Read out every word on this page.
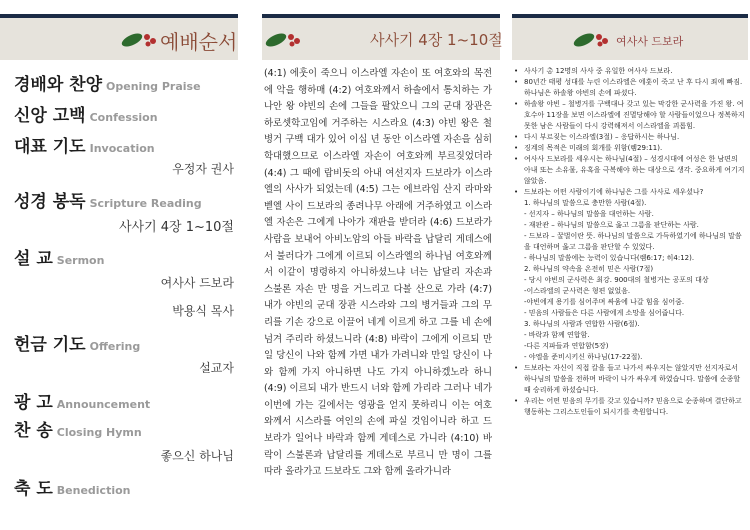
예배순서
경배와 찬양 Opening Praise
신앙 고백 Confession
대표 기도 Invocation
우정자 권사
성경 봉독 Scripture Reading
사사기 4장 1~10절
설 교 Sermon
여사사 드보라
박용식 목사
헌금 기도 Offering
설교자
광 고 Announcement
찬 송 Closing Hymn
좋으신 하나님
축 도 Benediction
사사기 4장 1~10절

(4:1) 에훗이 죽으니 이스라엘 자손이 또 여호와의 목전에 악을 행하매 (4:2) 여호와께서 하솔에서 통치하는 가나안 왕 야빈의 손에 그들을 팔았으니 그의 군대 장관은 하로셋학고임에 거주하는 시스라요 (4:3) 야빈 왕은 철 병거 구백 대가 있어 이십 년 동안 이스라엘 자손을 심히 학대했으므로 이스라엘 자손이 여호와께 부르짖었더라 (4:4) 그 때에 랍비돗의 아내 여선지자 드보라가 이스라엘의 사사가 되었는데 (4:5) 그는 에브라임 산지 라마와 벧엘 사이 드보라의 종려나무 아래에 거주하였고 이스라엘 자손은 그에게 나아가 재판을 받더라 (4:6) 드보라가 사람을 보내어 아비노암의 아들 바락을 납달리 게데스에서 불러다가 그에게 이르되 이스라엘의 하나님 여호와께서 이같이 명령하지 아니하셨느냐 너는 납달리 자손과 스불론 자손 만 명을 거느리고 다볼 산으로 가라 (4:7) 내가 야빈의 군대 장관 시스라와 그의 병거들과 그의 무리를 기손 강으로 이끌어 네게 이르게 하고 그를 네 손에 넘겨 주리라 하셨느니라 (4:8) 바락이 그에게 이르되 만일 당신이 나와 함께 가면 내가 가려니와 만일 당신이 나와 함께 가지 아니하면 나도 가지 아니하겠노라 하니 (4:9) 이르되 내가 반드시 너와 함께 가리라 그러나 네가 이번에 가는 길에서는 영광을 얻지 못하리니 이는 여호와께서 시스라를 여인의 손에 파실 것임이니라 하고 드보라가 일어나 바락과 함께 게데스로 가니라 (4:10) 바락이 스불론과 납달리를 게데스로 부르니 만 명이 그를 따라 올라가고 드보라도 그와 함께 올라가니라

여사사 드보라
• 사사기 총 12명의 사사 중 유일한 여사사 드보라.
• 80년간 태평 성대를 누린 이스라엘은 에훗이 죽고 난 후 다시 죄에 빠짐. 하나님은 하솔왕 야빈의 손에 파셨다.
• 하솔왕 야빈 – 철병거를 구백대나 갖고 있는 막강한 군사력을 가진 왕. 여호수아 11장을 보면 이스라엘에 진멸당해야 할 사람들이었으나 정복하지 못한 남은 사람들이 다시 강력해져서 이스라엘을 괴롭힘.
• 다시 부르짖는 이스라엘(3절) – 응답하시는 하나님.
• 징계의 목적은 미래의 회개를 위함(렘29:11).
• 여사사 드보라를 세우시는 하나님(4절) – 성경시대에 여성은 한 남편의 아내 또는 소유물, 유혹을 극복해야 하는 대상으로 생각. 중요하게 여기지 않았음.
• 드보라는 어떤 사람이기에 하나님은 그를 사사로 세우셨나?
1. 하나님의 말씀으로 충만한 사람(4절).
- 선지자 – 하나님의 말씀을 대언하는 사람.
- 재판관 – 하나님의 말씀으로 옳고 그름을 판단하는 사람.
- 드보라 – 꿀벌이란 뜻. 하나님의 말씀으로 가득하였기에 하나님의 말씀을 대언하며 옳고 그름을 판단할 수 있었다.
- 하나님의 말씀에는 능력이 있습니다(렘6:17; 히4:12).
2. 하나님의 약속을 온전히 믿은 사람(7절)
- 당시 야빈의 군사력은 최강. 900대의 철병거는 공포의 대상
-이스라엘의 군사력은 형편 없었음.
-야빈에게 용기를 심어주며 싸움에 나갈 힘을 심어줌.
- 믿음의 사람들은 다른 사람에게 소망을 심어줍니다.
3. 하나님의 사람과 연합한 사람(6절).
- 바락과 함께 연합함.
-다른 지파들과 연합함(5장)
- 야엘을 준비시키신 하나님(17-22절).
• 드보라는 자신이 직접 칼을 들고 나가서 싸우지는 않았지만 선지자로서 하나님의 말씀을 전하며 바락이 나가 싸우게 하였습니다. 말씀에 순종할 때 승리하게 하셨습니다.
• 우리는 어떤 믿음의 무기를 갖고 있습니까? 믿음으로 순종하며 결단하고 행동하는 그리스도인들이 되시기를 축원합니다.
